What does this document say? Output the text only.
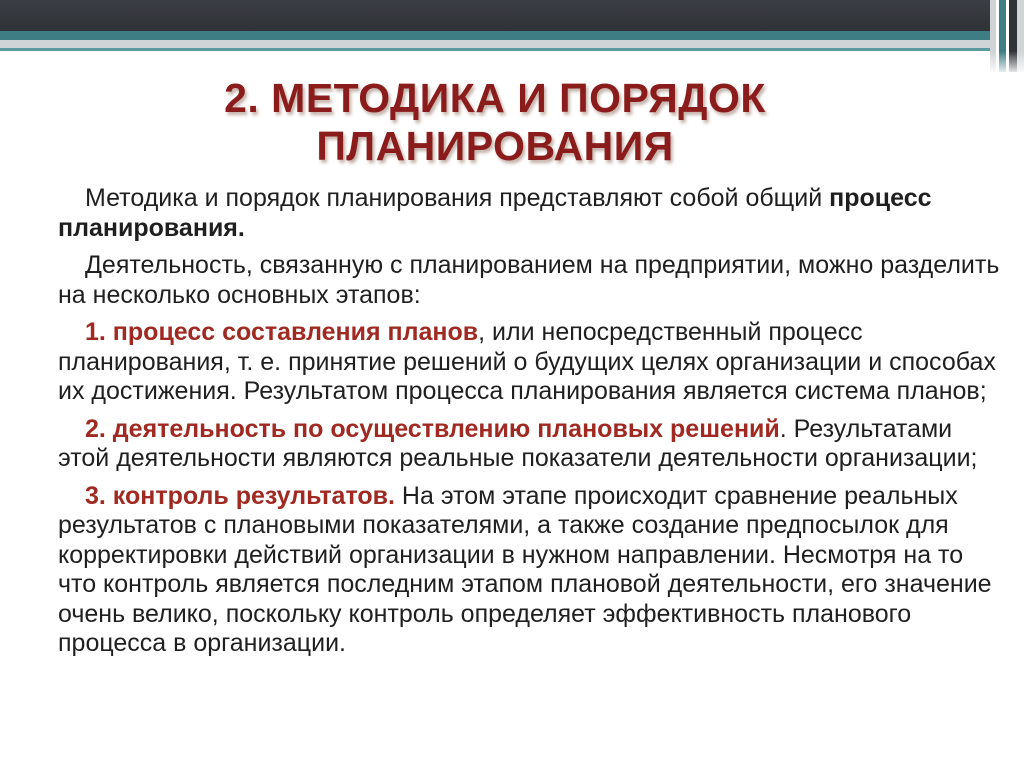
2. МЕТОДИКА И ПОРЯДОК
ПЛАНИРОВАНИЯ

Методика и порядок планирования представляют собой общий процесс планирования.

Деятельность, связанную с планированием на предприятии, можно разделить на несколько основных этапов:

1. процесс составления планов, или непосредственный процесс планирования, т. е. принятие решений о будущих целях организации и способах их достижения. Результатом процесса планирования является система планов;

2. деятельность по осуществлению плановых решений. Результатами этой деятельности являются реальные показатели деятельности организации;

3. контроль результатов. На этом этапе происходит сравнение реальных результатов с плановыми показателями, а также создание предпосылок для корректировки действий организации в нужном направлении. Несмотря на то что контроль является последним этапом плановой деятельности, его значение очень велико, поскольку контроль определяет эффективность планового процесса в организации.
